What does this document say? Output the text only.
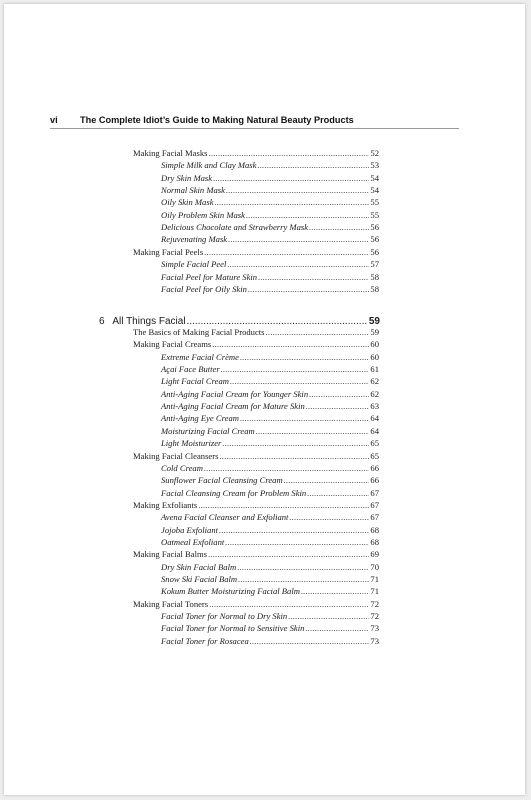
vi The Complete Idiot’s Guide to Making Natural Beauty Products
6 All Things Facial .....	59
Making Facial Masks .....	52
Simple Milk and Clay Mask .....	53
Dry Skin Mask .....	54
Normal Skin Mask .....	54
Oily Skin Mask .....	55
Oily Problem Skin Mask .....	55
Delicious Chocolate and Strawberry Mask .....	56
Rejuvenating Mask .....	56
Making Facial Peels .....	56
Simple Facial Peel .....	57
Facial Peel for Mature Skin .....	58
Facial Peel for Oily Skin .....	58
The Basics of Making Facial Products .....	59
Making Facial Creams .....	60
Extreme Facial Crème .....	60
Açai Face Butter .....	61
Light Facial Cream .....	62
Anti-Aging Facial Cream for Younger Skin .....	62
Anti-Aging Facial Cream for Mature Skin .....	63
Anti-Aging Eye Cream .....	64
Moisturizing Facial Cream .....	64
Light Moisturizer .....	65
Making Facial Cleansers .....	65
Cold Cream .....	66
Sunflower Facial Cleansing Cream .....	66
Facial Cleansing Cream for Problem Skin .....	67
Making Exfoliants .....	67
Avena Facial Cleanser and Exfoliant .....	67
Jojoba Exfoliant .....	68
Oatmeal Exfoliant .....	68
Making Facial Balms .....	69
Dry Skin Facial Balm .....	70
Snow Ski Facial Balm .....	71
Kokum Butter Moisturizing Facial Balm .....	71
Making Facial Toners .....	72
Facial Toner for Normal to Dry Skin .....	72
Facial Toner for Normal to Sensitive Skin .....	73
Facial Toner for Rosacea .....	73
